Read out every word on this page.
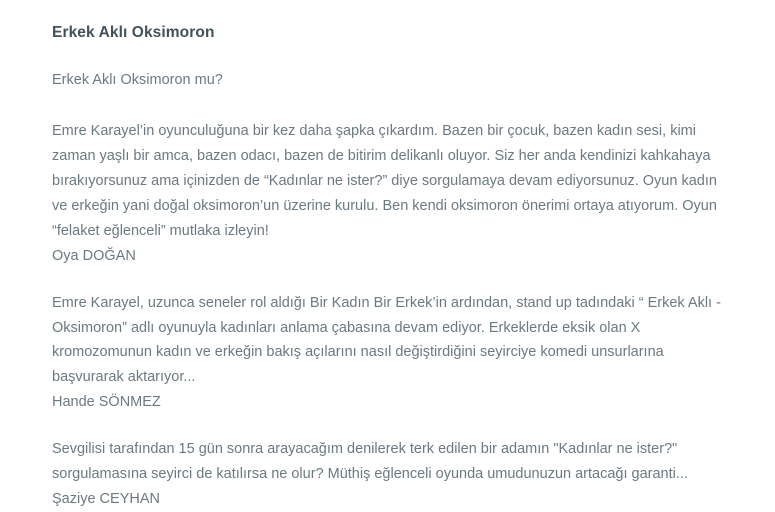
Erkek Aklı Oksimoron

Erkek Aklı Oksimoron mu?

Emre Karayel’in oyunculuğuna bir kez daha şapka çıkardım. Bazen bir çocuk, bazen kadın sesi, kimi zaman yaşlı bir amca, bazen odacı, bazen de bitirim delikanlı oluyor. Siz her anda kendinizi kahkahaya bırakıyorsunuz ama içinizden de “Kadınlar ne ister?” diye sorgulamaya devam ediyorsunuz. Oyun kadın ve erkeğin yani doğal oksimoron’un üzerine kurulu. Ben kendi oksimoron önerimi ortaya atıyorum. Oyun “felaket eğlenceli” mutlaka izleyin!
Oya DOĞAN

Emre Karayel, uzunca seneler rol aldığı Bir Kadın Bir Erkek’in ardından, stand up tadındaki “ Erkek Aklı - Oksimoron” adlı oyunuyla kadınları anlama çabasına devam ediyor. Erkeklerde eksik olan X kromozomunun kadın ve erkeğin bakış açılarını nasıl değiştirdiğini seyirciye komedi unsurlarına başvurarak aktarıyor...
Hande SÖNMEZ

Sevgilisi tarafından 15 gün sonra arayacağım denilerek terk edilen bir adamın "Kadınlar ne ister?" sorgulamasına seyirci de katılırsa ne olur? Müthiş eğlenceli oyunda umudunuzun artacağı garanti...
Şaziye CEYHAN
